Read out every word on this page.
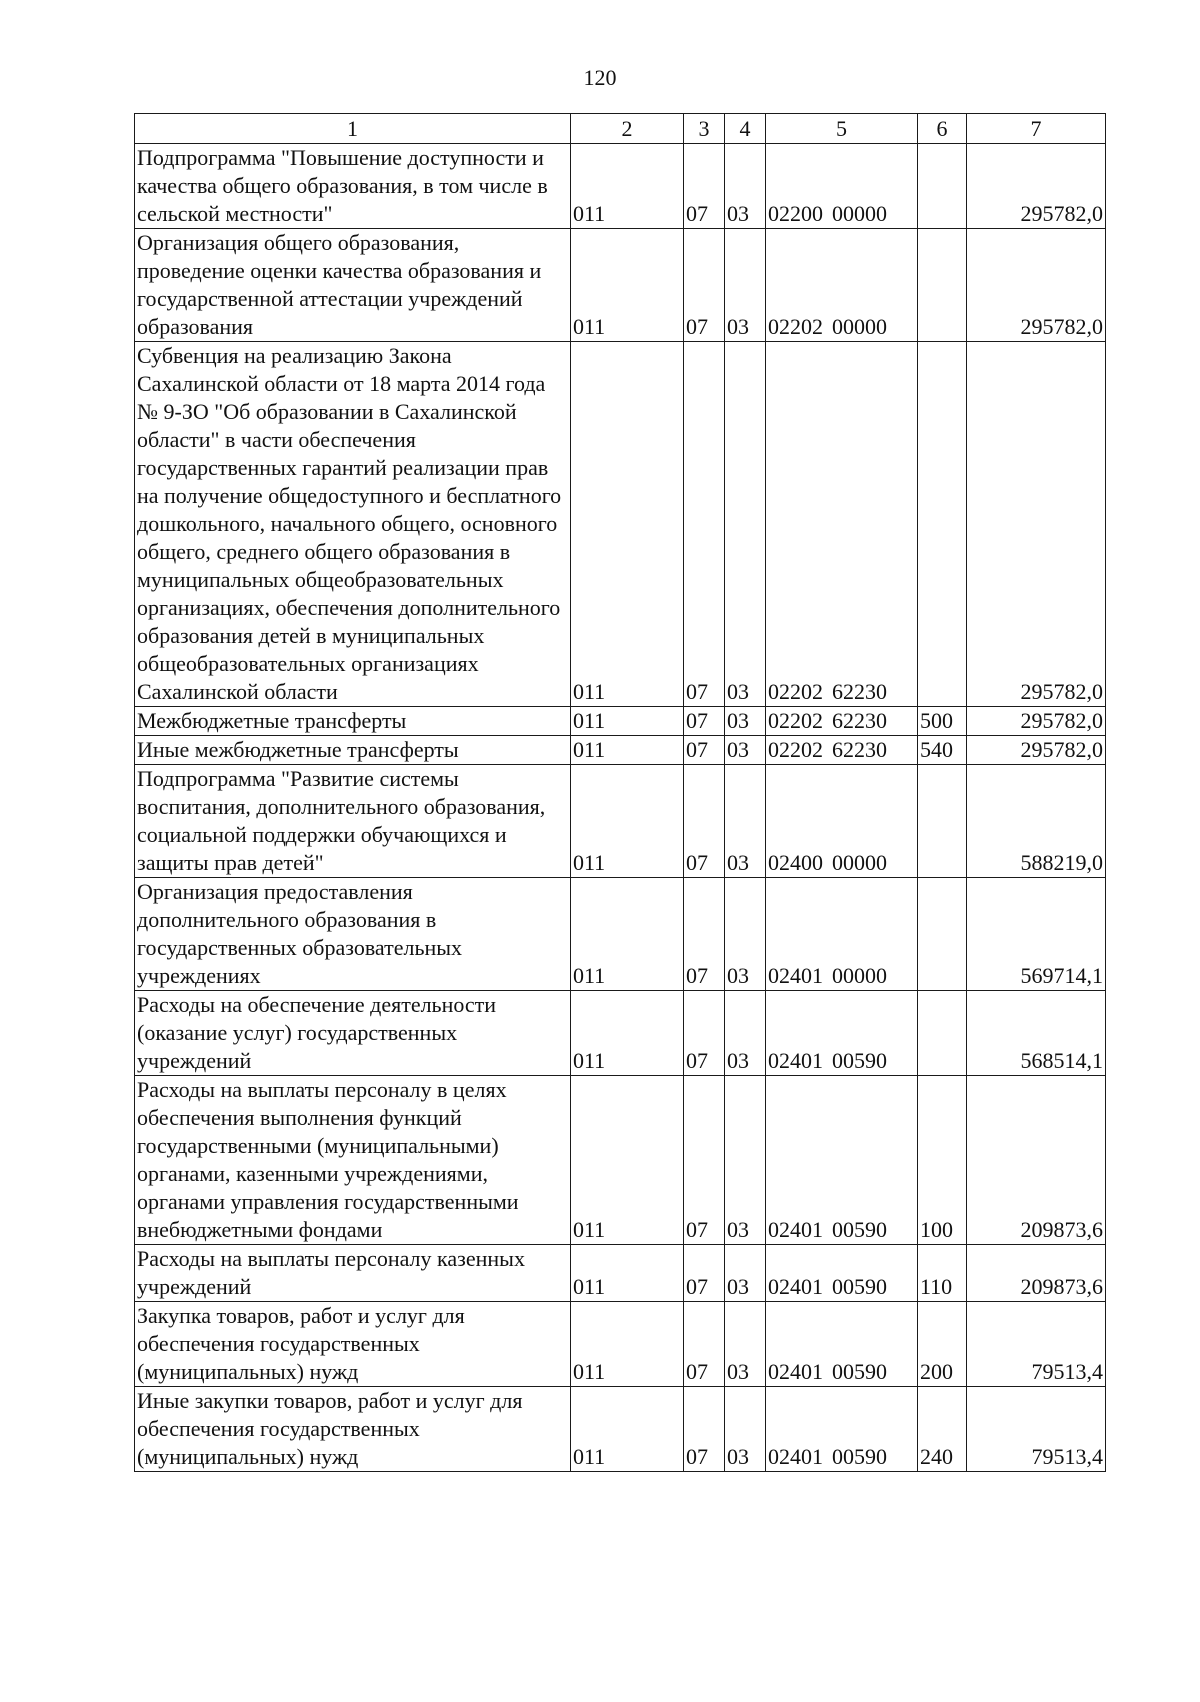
120
1	2	3	4	5	6	7
Подпрограмма "Повышение доступности и качества общего образования, в том числе в сельской местности"	011	07	03	02200 00000		295782,0
Организация общего образования, проведение оценки качества образования и государственной аттестации учреждений образования	011	07	03	02202 00000		295782,0
Субвенция на реализацию Закона Сахалинской области от 18 марта 2014 года № 9-ЗО "Об образовании в Сахалинской области" в части обеспечения государственных гарантий реализации прав на получение общедоступного и бесплатного дошкольного, начального общего, основного общего, среднего общего образования в муниципальных общеобразовательных организациях, обеспечения дополнительного образования детей в муниципальных общеобразовательных организациях Сахалинской области	011	07	03	02202 62230		295782,0
Межбюджетные трансферты	011	07	03	02202 62230	500	295782,0
Иные межбюджетные трансферты	011	07	03	02202 62230	540	295782,0
Подпрограмма "Развитие системы воспитания, дополнительного образования, социальной поддержки обучающихся и защиты прав детей"	011	07	03	02400 00000		588219,0
Организация предоставления дополнительного образования в государственных образовательных учреждениях	011	07	03	02401 00000		569714,1
Расходы на обеспечение деятельности (оказание услуг) государственных учреждений	011	07	03	02401 00590		568514,1
Расходы на выплаты персоналу в целях обеспечения выполнения функций государственными (муниципальными) органами, казенными учреждениями, органами управления государственными внебюджетными фондами	011	07	03	02401 00590	100	209873,6
Расходы на выплаты персоналу казенных учреждений	011	07	03	02401 00590	110	209873,6
Закупка товаров, работ и услуг для обеспечения государственных (муниципальных) нужд	011	07	03	02401 00590	200	79513,4
Иные закупки товаров, работ и услуг для обеспечения государственных (муниципальных) нужд	011	07	03	02401 00590	240	79513,4
